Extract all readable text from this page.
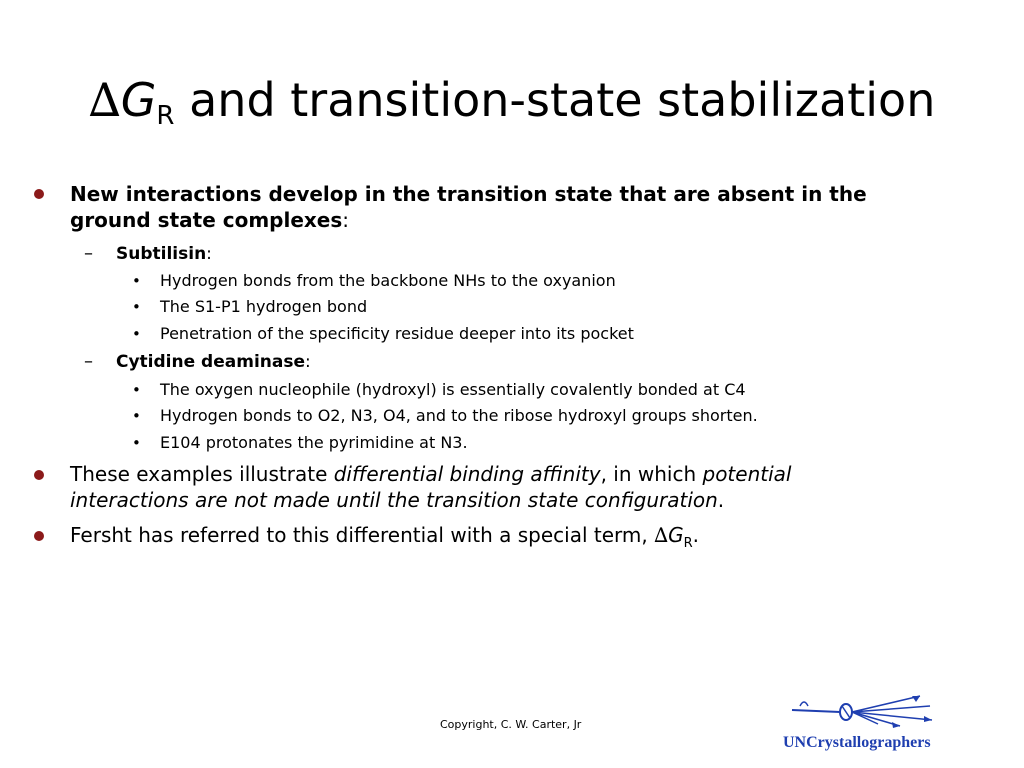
$\Delta G_R$ and transition-state stabilization
New interactions develop in the transition state that are absent in the
ground state complexes:
– Subtilisin:
• Hydrogen bonds from the backbone NHs to the oxyanion
• The S1-P1 hydrogen bond
• Penetration of the specificity residue deeper into its pocket
– Cytidine deaminase:
• The oxygen nucleophile (hydroxyl) is essentially covalently bonded at C4
• Hydrogen bonds to O2, N3, O4, and to the ribose hydroxyl groups shorten.
• E104 protonates the pyrimidine at N3.
These examples illustrate differential binding affinity, in which potential
interactions are not made until the transition state configuration.
Fersht has referred to this differential with a special term, $\Delta G_R$.
Copyright, C. W. Carter, Jr
UNCrystallographers
